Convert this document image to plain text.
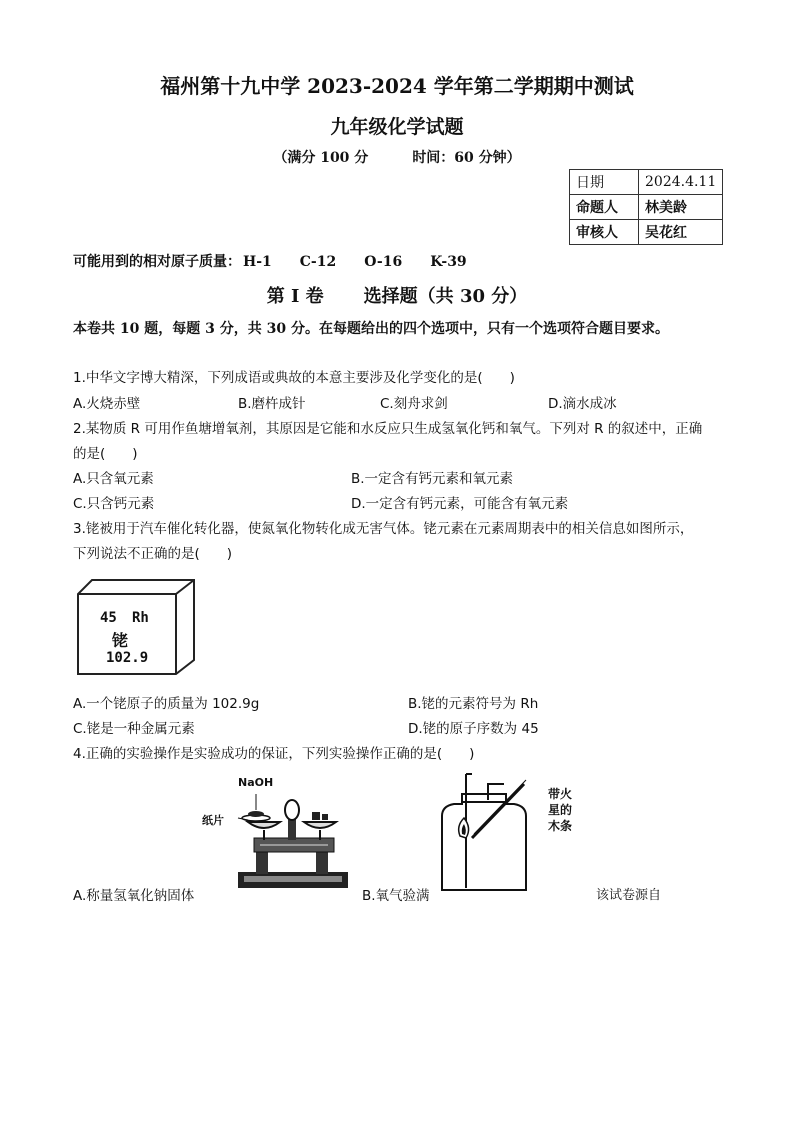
福州第十九中学 2023-2024 学年第二学期期中测试
九年级化学试题
（满分 100 分	时间：60 分钟）
日期	2024.4.11
命题人	林美龄
审核人	吴花红
可能用到的相对原子质量： H-1 C-12 O-16 K-39
第 I 卷 选择题（共 30 分）
本卷共 10 题，每题 3 分，共 30 分。在每题给出的四个选项中，只有一个选项符合题目要求。
1.中华文字博大精深，下列成语或典故的本意主要涉及化学变化的是(　　)
A.火烧赤壁	B.磨杵成针	C.刻舟求剑	D.滴水成冰
2.某物质 R 可用作鱼塘增氧剂，其原因是它能和水反应只生成氢氧化钙和氧气。下列对 R 的叙述中，正确
的是(　　)
A.只含氧元素	B.一定含有钙元素和氧元素
C.只含钙元素	D.一定含有钙元素，可能含有氧元素
3.铑被用于汽车催化转化器，使氮氧化物转化成无害气体。铑元素在元素周期表中的相关信息如图所示，
下列说法不正确的是(　　)
45 Rh
铑
102.9
A.一个铑原子的质量为 102.9g	B.铑的元素符号为 Rh
C.铑是一种金属元素	D.铑的原子序数为 45
4.正确的实验操作是实验成功的保证，下列实验操作正确的是(　　)
NaOH
纸片
带火
星的
木条
A.称量氢氧化钠固体	B.氧气验满	该试卷源自
